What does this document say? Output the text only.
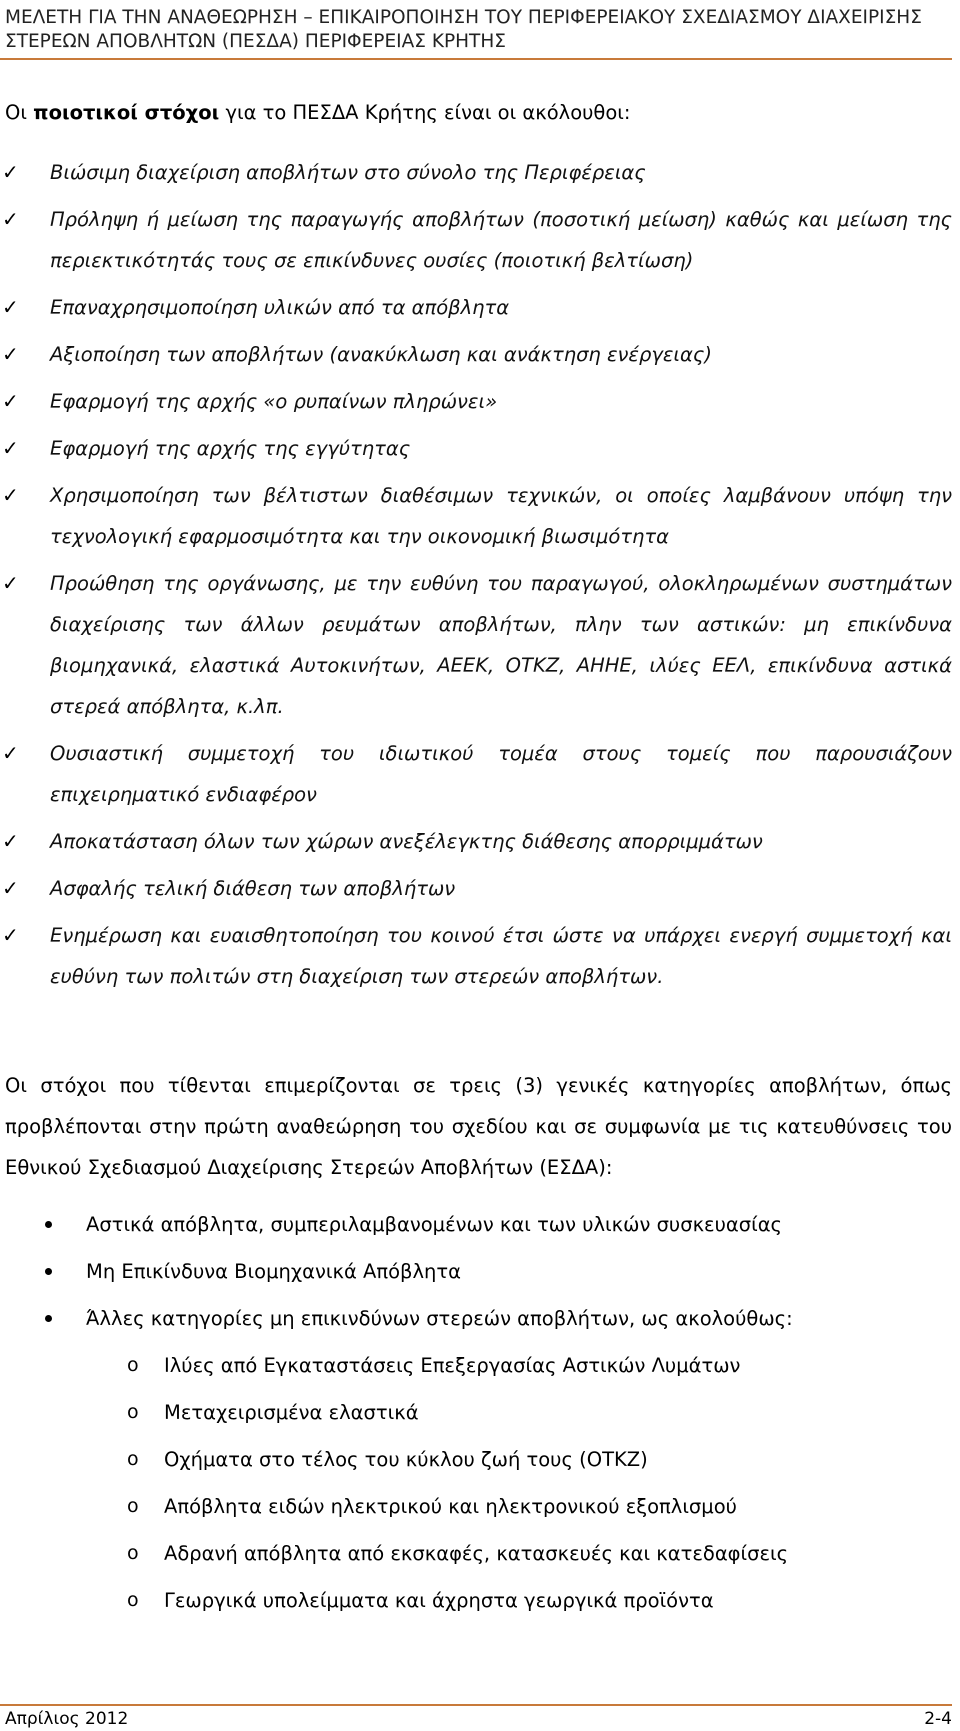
ΜΕΛΕΤΗ ΓΙΑ ΤΗΝ ΑΝΑΘΕΩΡΗΣΗ – ΕΠΙΚΑΙΡΟΠΟΙΗΣΗ ΤΟΥ ΠΕΡΙΦΕΡΕΙΑΚΟΥ ΣΧΕΔΙΑΣΜΟΥ ΔΙΑΧΕΙΡΙΣΗΣ ΣΤΕΡΕΩΝ ΑΠΟΒΛΗΤΩΝ (ΠΕΣΔΑ) ΠΕΡΙΦΕΡΕΙΑΣ ΚΡΗΤΗΣ
Οι ποιοτικοί στόχοι για το ΠΕΣΔΑ Κρήτης είναι οι ακόλουθοι:
✓ Βιώσιμη διαχείριση αποβλήτων στο σύνολο της Περιφέρειας
✓ Πρόληψη ή μείωση της παραγωγής αποβλήτων (ποσοτική μείωση) καθώς και μείωση της περιεκτικότητάς τους σε επικίνδυνες ουσίες (ποιοτική βελτίωση)
✓ Επαναχρησιμοποίηση υλικών από τα απόβλητα
✓ Αξιοποίηση των αποβλήτων (ανακύκλωση και ανάκτηση ενέργειας)
✓ Εφαρμογή της αρχής «ο ρυπαίνων πληρώνει»
✓ Εφαρμογή της αρχής της εγγύτητας
✓ Χρησιμοποίηση των βέλτιστων διαθέσιμων τεχνικών, οι οποίες λαμβάνουν υπόψη την τεχνολογική εφαρμοσιμότητα και την οικονομική βιωσιμότητα
✓ Προώθηση της οργάνωσης, με την ευθύνη του παραγωγού, ολοκληρωμένων συστημάτων διαχείρισης των άλλων ρευμάτων αποβλήτων, πλην των αστικών: μη επικίνδυνα βιομηχανικά, ελαστικά Αυτοκινήτων, ΑΕΕΚ, ΟΤΚΖ, ΑΗΗΕ, ιλύες ΕΕΛ, επικίνδυνα αστικά στερεά απόβλητα, κ.λπ.
✓ Ουσιαστική συμμετοχή του ιδιωτικού τομέα στους τομείς που παρουσιάζουν επιχειρηματικό ενδιαφέρον
✓ Αποκατάσταση όλων των χώρων ανεξέλεγκτης διάθεσης απορριμμάτων
✓ Ασφαλής τελική διάθεση των αποβλήτων
✓ Ενημέρωση και ευαισθητοποίηση του κοινού έτσι ώστε να υπάρχει ενεργή συμμετοχή και ευθύνη των πολιτών στη διαχείριση των στερεών αποβλήτων.

Οι στόχοι που τίθενται επιμερίζονται σε τρεις (3) γενικές κατηγορίες αποβλήτων, όπως προβλέπονται στην πρώτη αναθεώρηση του σχεδίου και σε συμφωνία με τις κατευθύνσεις του Εθνικού Σχεδιασμού Διαχείρισης Στερεών Αποβλήτων (ΕΣΔΑ):

Αστικά απόβλητα, συμπεριλαμβανομένων και των υλικών συσκευασίας
Μη Επικίνδυνα Βιομηχανικά Απόβλητα
Άλλες κατηγορίες μη επικινδύνων στερεών αποβλήτων, ως ακολούθως:
o Ιλύες από Εγκαταστάσεις Επεξεργασίας Αστικών Λυμάτων
o Μεταχειρισμένα ελαστικά
o Οχήματα στο τέλος του κύκλου ζωή τους (ΟΤΚΖ)
o Απόβλητα ειδών ηλεκτρικού και ηλεκτρονικού εξοπλισμού
o Αδρανή απόβλητα από εκσκαφές, κατασκευές και κατεδαφίσεις
o Γεωργικά υπολείμματα και άχρηστα γεωργικά προϊόντα
Απρίλιος 2012	2-4
